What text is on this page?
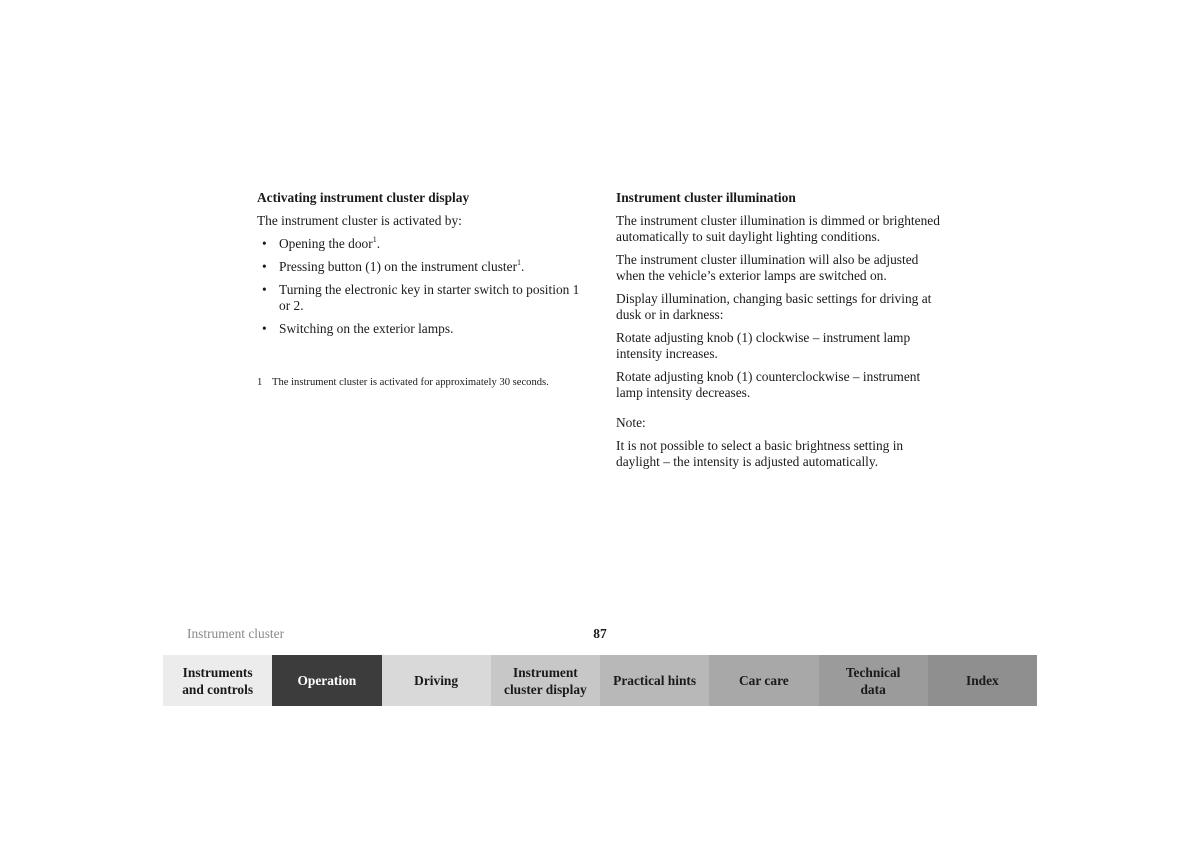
Activating instrument cluster display

The instrument cluster is activated by:

• Opening the door$^1$.
• Pressing button (1) on the instrument cluster$^1$.
• Turning the electronic key in starter switch to position 1 or 2.
• Switching on the exterior lamps.
1 The instrument cluster is activated for approximately 30 seconds.

Instrument cluster illumination

The instrument cluster illumination is dimmed or brightened automatically to suit daylight lighting conditions.

The instrument cluster illumination will also be adjusted when the vehicle’s exterior lamps are switched on.

Display illumination, changing basic settings for driving at dusk or in darkness:

Rotate adjusting knob (1) clockwise – instrument lamp intensity increases.

Rotate adjusting knob (1) counterclockwise – instrument lamp intensity decreases.

Note:

It is not possible to select a basic brightness setting in daylight – the intensity is adjusted automatically.

Instrument cluster	87
Instruments
and controls
Operation	Driving
Instrument
cluster display
Practical hints	Car care
Technical
data
Index
